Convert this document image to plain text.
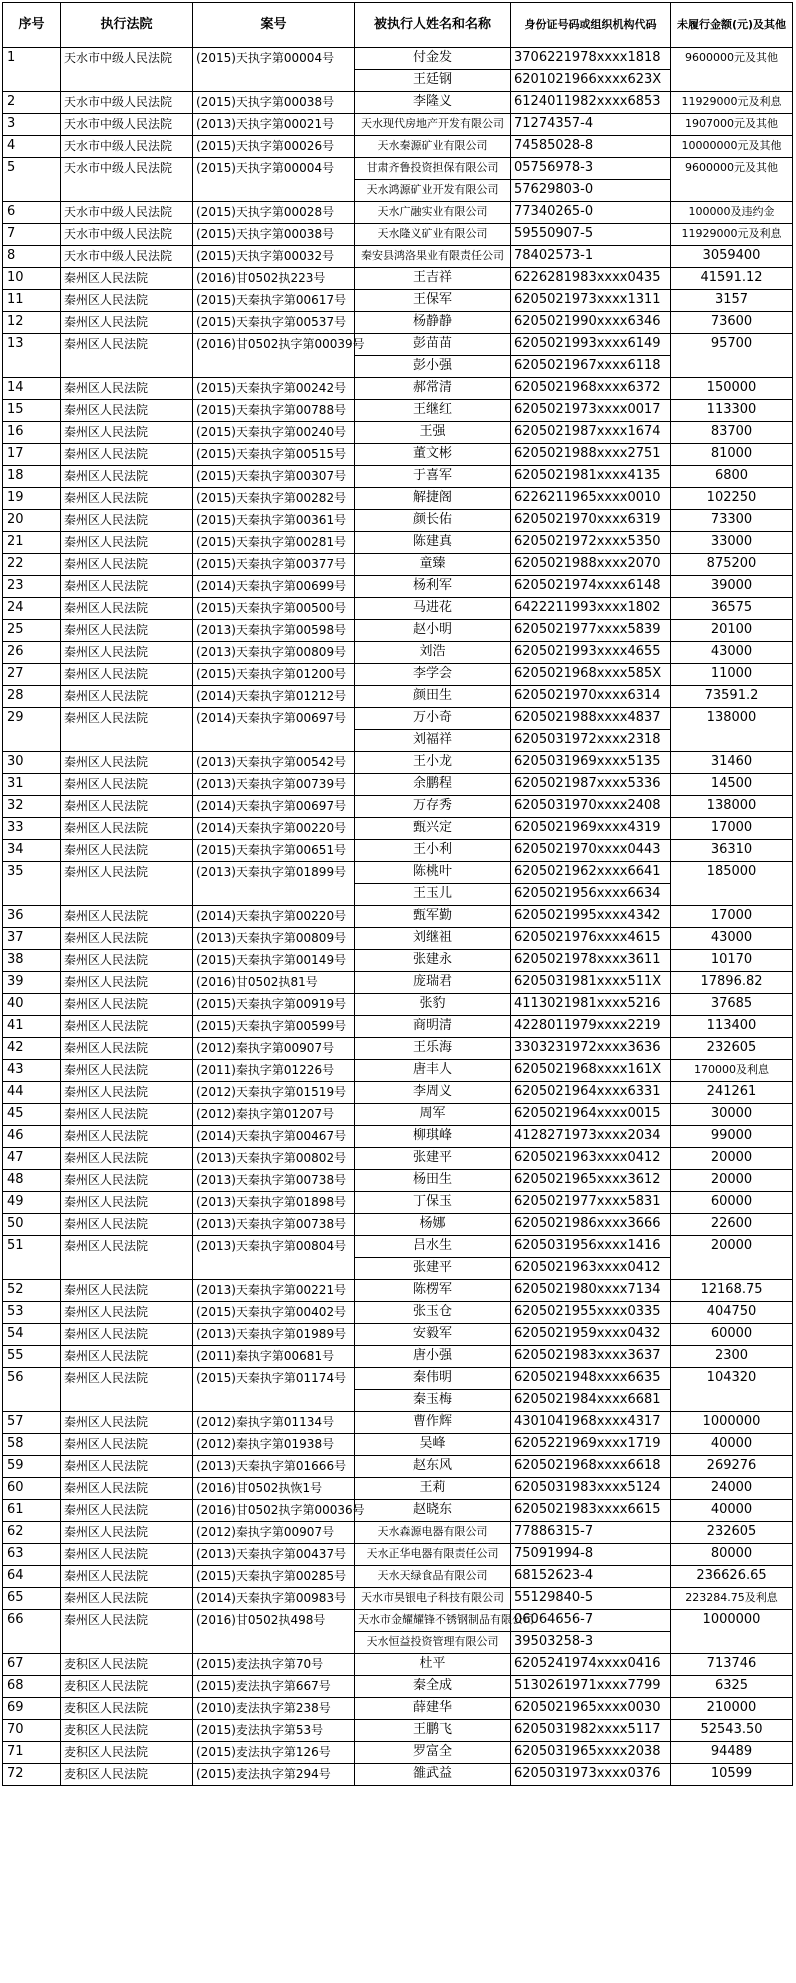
序号	执行法院	案号	被执行人姓名和名称	身份证号码或组织机构代码	未履行金额(元)及其他
1	天水市中级人民法院	(2015)天执字第00004号	付金发	3706221978xxxx1818	9600000元及其他
			王廷钢	6201021966xxxx623X	
2	天水市中级人民法院	(2015)天执字第00038号	李隆义	6124011982xxxx6853	11929000元及利息
3	天水市中级人民法院	(2013)天执字第00021号	天水现代房地产开发有限公司	71274357-4	1907000元及其他
4	天水市中级人民法院	(2015)天执字第00026号	天水秦源矿业有限公司	74585028-8	10000000元及其他
5	天水市中级人民法院	(2015)天执字第00004号	甘肃齐鲁投资担保有限公司	05756978-3	9600000元及其他
			天水鸿源矿业开发有限公司	57629803-0	
6	天水市中级人民法院	(2015)天执字第00028号	天水广融实业有限公司	77340265-0	100000及违约金
7	天水市中级人民法院	(2015)天执字第00038号	天水隆义矿业有限公司	59550907-5	11929000元及利息
8	天水市中级人民法院	(2015)天执字第00032号	秦安县鸿洛果业有限责任公司	78402573-1	3059400
10	秦州区人民法院	(2016)甘0502执223号	王吉祥	6226281983xxxx0435	41591.12
11	秦州区人民法院	(2015)天秦执字第00617号	王保军	6205021973xxxx1311	3157
12	秦州区人民法院	(2015)天秦执字第00537号	杨静静	6205021990xxxx6346	73600
13	秦州区人民法院	(2016)甘0502执字第00039号	彭苗苗	6205021993xxxx6149	95700
			彭小强	6205021967xxxx6118	
14	秦州区人民法院	(2015)天秦执字第00242号	郝常清	6205021968xxxx6372	150000
15	秦州区人民法院	(2015)天秦执字第00788号	王继红	6205021973xxxx0017	113300
16	秦州区人民法院	(2015)天秦执字第00240号	王强	6205021987xxxx1674	83700
17	秦州区人民法院	(2015)天秦执字第00515号	董文彬	6205021988xxxx2751	81000
18	秦州区人民法院	(2015)天秦执字第00307号	于喜军	6205021981xxxx4135	6800
19	秦州区人民法院	(2015)天秦执字第00282号	解捷阁	6226211965xxxx0010	102250
20	秦州区人民法院	(2015)天秦执字第00361号	颜长佑	6205021970xxxx6319	73300
21	秦州区人民法院	(2015)天秦执字第00281号	陈建真	6205021972xxxx5350	33000
22	秦州区人民法院	(2015)天秦执字第00377号	童臻	6205021988xxxx2070	875200
23	秦州区人民法院	(2014)天秦执字第00699号	杨利军	6205021974xxxx6148	39000
24	秦州区人民法院	(2015)天秦执字第00500号	马进花	6422211993xxxx1802	36575
25	秦州区人民法院	(2013)天秦执字第00598号	赵小明	6205021977xxxx5839	20100
26	秦州区人民法院	(2013)天秦执字第00809号	刘浩	6205021993xxxx4655	43000
27	秦州区人民法院	(2015)天秦执字第01200号	李学会	6205021968xxxx585X	11000
28	秦州区人民法院	(2014)天秦执字第01212号	颜田生	6205021970xxxx6314	73591.2
29	秦州区人民法院	(2014)天秦执字第00697号	万小奇	6205021988xxxx4837	138000
			刘福祥	6205031972xxxx2318	
30	秦州区人民法院	(2013)天秦执字第00542号	王小龙	6205031969xxxx5135	31460
31	秦州区人民法院	(2013)天秦执字第00739号	余鹏程	6205021987xxxx5336	14500
32	秦州区人民法院	(2014)天秦执字第00697号	万存秀	6205031970xxxx2408	138000
33	秦州区人民法院	(2014)天秦执字第00220号	甄兴定	6205021969xxxx4319	17000
34	秦州区人民法院	(2015)天秦执字第00651号	王小利	6205021970xxxx0443	36310
35	秦州区人民法院	(2013)天秦执字第01899号	陈桃叶	6205021962xxxx6641	185000
			王玉儿	6205021956xxxx6634	
36	秦州区人民法院	(2014)天秦执字第00220号	甄军勤	6205021995xxxx4342	17000
37	秦州区人民法院	(2013)天秦执字第00809号	刘继祖	6205021976xxxx4615	43000
38	秦州区人民法院	(2015)天秦执字第00149号	张建永	6205021978xxxx3611	10170
39	秦州区人民法院	(2016)甘0502执81号	庞瑞君	6205031981xxxx511X	17896.82
40	秦州区人民法院	(2015)天秦执字第00919号	张豹	4113021981xxxx5216	37685
41	秦州区人民法院	(2015)天秦执字第00599号	商明清	4228011979xxxx2219	113400
42	秦州区人民法院	(2012)秦执字第00907号	王乐海	3303231972xxxx3636	232605
43	秦州区人民法院	(2011)秦执字第01226号	唐丰人	6205021968xxxx161X	170000及利息
44	秦州区人民法院	(2012)天秦执字第01519号	李周义	6205021964xxxx6331	241261
45	秦州区人民法院	(2012)秦执字第01207号	周军	6205021964xxxx0015	30000
46	秦州区人民法院	(2014)天秦执字第00467号	柳琪峰	4128271973xxxx2034	99000
47	秦州区人民法院	(2013)天秦执字第00802号	张建平	6205021963xxxx0412	20000
48	秦州区人民法院	(2013)天秦执字第00738号	杨田生	6205021965xxxx3612	20000
49	秦州区人民法院	(2013)天秦执字第01898号	丁保玉	6205021977xxxx5831	60000
50	秦州区人民法院	(2013)天秦执字第00738号	杨娜	6205021986xxxx3666	22600
51	秦州区人民法院	(2013)天秦执字第00804号	吕水生	6205031956xxxx1416	20000
			张建平	6205021963xxxx0412	
52	秦州区人民法院	(2013)天秦执字第00221号	陈楞军	6205021980xxxx7134	12168.75
53	秦州区人民法院	(2015)天秦执字第00402号	张玉仓	6205021955xxxx0335	404750
54	秦州区人民法院	(2013)天秦执字第01989号	安毅军	6205021959xxxx0432	60000
55	秦州区人民法院	(2011)秦执字第00681号	唐小强	6205021983xxxx3637	2300
56	秦州区人民法院	(2015)天秦执字第01174号	秦伟明	6205021948xxxx6635	104320
			秦玉梅	6205021984xxxx6681	
57	秦州区人民法院	(2012)秦执字第01134号	曹作辉	4301041968xxxx4317	1000000
58	秦州区人民法院	(2012)秦执字第01938号	吴峰	6205221969xxxx1719	40000
59	秦州区人民法院	(2013)天秦执字第01666号	赵东风	6205021968xxxx6618	269276
60	秦州区人民法院	(2016)甘0502执恢1号	王莉	6205031983xxxx5124	24000
61	秦州区人民法院	(2016)甘0502执字第00036号	赵晓东	6205021983xxxx6615	40000
62	秦州区人民法院	(2012)秦执字第00907号	天水森源电器有限公司	77886315-7	232605
63	秦州区人民法院	(2013)天秦执字第00437号	天水正华电器有限责任公司	75091994-8	80000
64	秦州区人民法院	(2015)天秦执字第00285号	天水天绿食品有限公司	68152623-4	236626.65
65	秦州区人民法院	(2014)天秦执字第00983号	天水市昊银电子科技有限公司	55129840-5	223284.75及利息
66	秦州区人民法院	(2016)甘0502执498号	天水市金耀耀锋不锈钢制品有限公司	06064656-7	1000000
			天水恒益投资管理有限公司	39503258-3	
67	麦积区人民法院	(2015)麦法执字第70号	杜平	6205241974xxxx0416	713746
68	麦积区人民法院	(2015)麦法执字第667号	秦全成	5130261971xxxx7799	6325
69	麦积区人民法院	(2010)麦法执字第238号	薛建华	6205021965xxxx0030	210000
70	麦积区人民法院	(2015)麦法执字第53号	王鹏飞	6205031982xxxx5117	52543.50
71	麦积区人民法院	(2015)麦法执字第126号	罗富全	6205031965xxxx2038	94489
72	麦积区人民法院	(2015)麦法执字第294号	雒武益	6205031973xxxx0376	10599
